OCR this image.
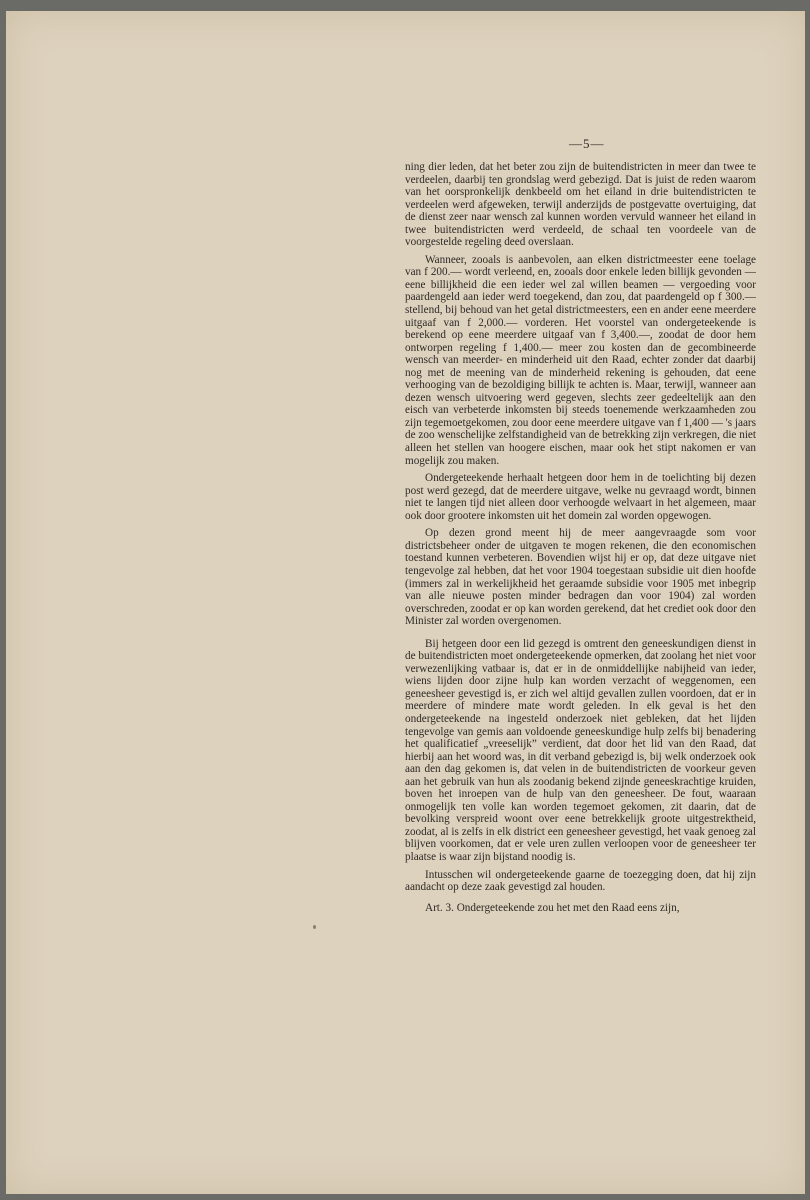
—5—

ning dier leden, dat het beter zou zijn de buitendistricten in meer dan twee te verdeelen, daarbij ten grondslag werd gebezigd. Dat is juist de reden waarom van het oorspronkelijk denkbeeld om het eiland in drie buitendistricten te verdeelen werd afgeweken, terwijl anderzijds de postgevatte overtuiging, dat de dienst zeer naar wensch zal kunnen worden vervuld wanneer het eiland in twee buitendistricten werd verdeeld, de schaal ten voordeele van de voorgestelde regeling deed overslaan.

Wanneer, zooals is aanbevolen, aan elken districtmeester eene toelage van f 200.— wordt verleend, en, zooals door enkele leden billijk gevonden — eene billijkheid die een ieder wel zal willen beamen — vergoeding voor paardengeld aan ieder werd toegekend, dan zou, dat paardengeld op f 300.— stellend, bij behoud van het getal districtmeesters, een en ander eene meerdere uitgaaf van f 2,000.— vorderen. Het voorstel van ondergeteekende is berekend op eene meerdere uitgaaf van f 3,400.—, zoodat de door hem ontworpen regeling f 1,400.— meer zou kosten dan de gecombineerde wensch van meerder- en minderheid uit den Raad, echter zonder dat daarbij nog met de meening van de minderheid rekening is gehouden, dat eene verhooging van de bezoldiging billijk te achten is. Maar, terwijl, wanneer aan dezen wensch uitvoering werd gegeven, slechts zeer gedeeltelijk aan den eisch van verbeterde inkomsten bij steeds toenemende werkzaamheden zou zijn tegemoetgekomen, zou door eene meerdere uitgave van f 1,400 — 's jaars de zoo wenschelijke zelfstandigheid van de betrekking zijn verkregen, die niet alleen het stellen van hoogere eischen, maar ook het stipt nakomen er van mogelijk zou maken.

Ondergeteekende herhaalt hetgeen door hem in de toelichting bij dezen post werd gezegd, dat de meerdere uitgave, welke nu gevraagd wordt, binnen niet te langen tijd niet alleen door verhoogde welvaart in het algemeen, maar ook door grootere inkomsten uit het domein zal worden opgewogen.

Op dezen grond meent hij de meer aangevraagde som voor districtsbeheer onder de uitgaven te mogen rekenen, die den economischen toestand kunnen verbeteren. Bovendien wijst hij er op, dat deze uitgave niet tengevolge zal hebben, dat het voor 1904 toegestaan subsidie uit dien hoofde (immers zal in werkelijkheid het geraamde subsidie voor 1905 met inbegrip van alle nieuwe posten minder bedragen dan voor 1904) zal worden overschreden, zoodat er op kan worden gerekend, dat het crediet ook door den Minister zal worden overgenomen.

Bij hetgeen door een lid gezegd is omtrent den geneeskundigen dienst in de buitendistricten moet ondergeteekende opmerken, dat zoolang het niet voor verwezenlijking vatbaar is, dat er in de onmiddellijke nabijheid van ieder, wiens lijden door zijne hulp kan worden verzacht of weggenomen, een geneesheer gevestigd is, er zich wel altijd gevallen zullen voordoen, dat er in meerdere of mindere mate wordt geleden. In elk geval is het den ondergeteekende na ingesteld onderzoek niet gebleken, dat het lijden tengevolge van gemis aan voldoende geneeskundige hulp zelfs bij benadering het qualificatief „vreeselijk” verdient, dat door het lid van den Raad, dat hierbij aan het woord was, in dit verband gebezigd is, bij welk onderzoek ook aan den dag gekomen is, dat velen in de buitendistricten de voorkeur geven aan het gebruik van hun als zoodanig bekend zijnde geneeskrachtige kruiden, boven het inroepen van de hulp van den geneesheer. De fout, waaraan onmogelijk ten volle kan worden tegemoet gekomen, zit daarin, dat de bevolking verspreid woont over eene betrekkelijk groote uitgestrektheid, zoodat, al is zelfs in elk district een geneesheer gevestigd, het vaak genoeg zal blijven voorkomen, dat er vele uren zullen verloopen voor de geneesheer ter plaatse is waar zijn bijstand noodig is.

Intusschen wil ondergeteekende gaarne de toezegging doen, dat hij zijn aandacht op deze zaak gevestigd zal houden.

Art. 3. Ondergeteekende zou het met den Raad eens zijn,
